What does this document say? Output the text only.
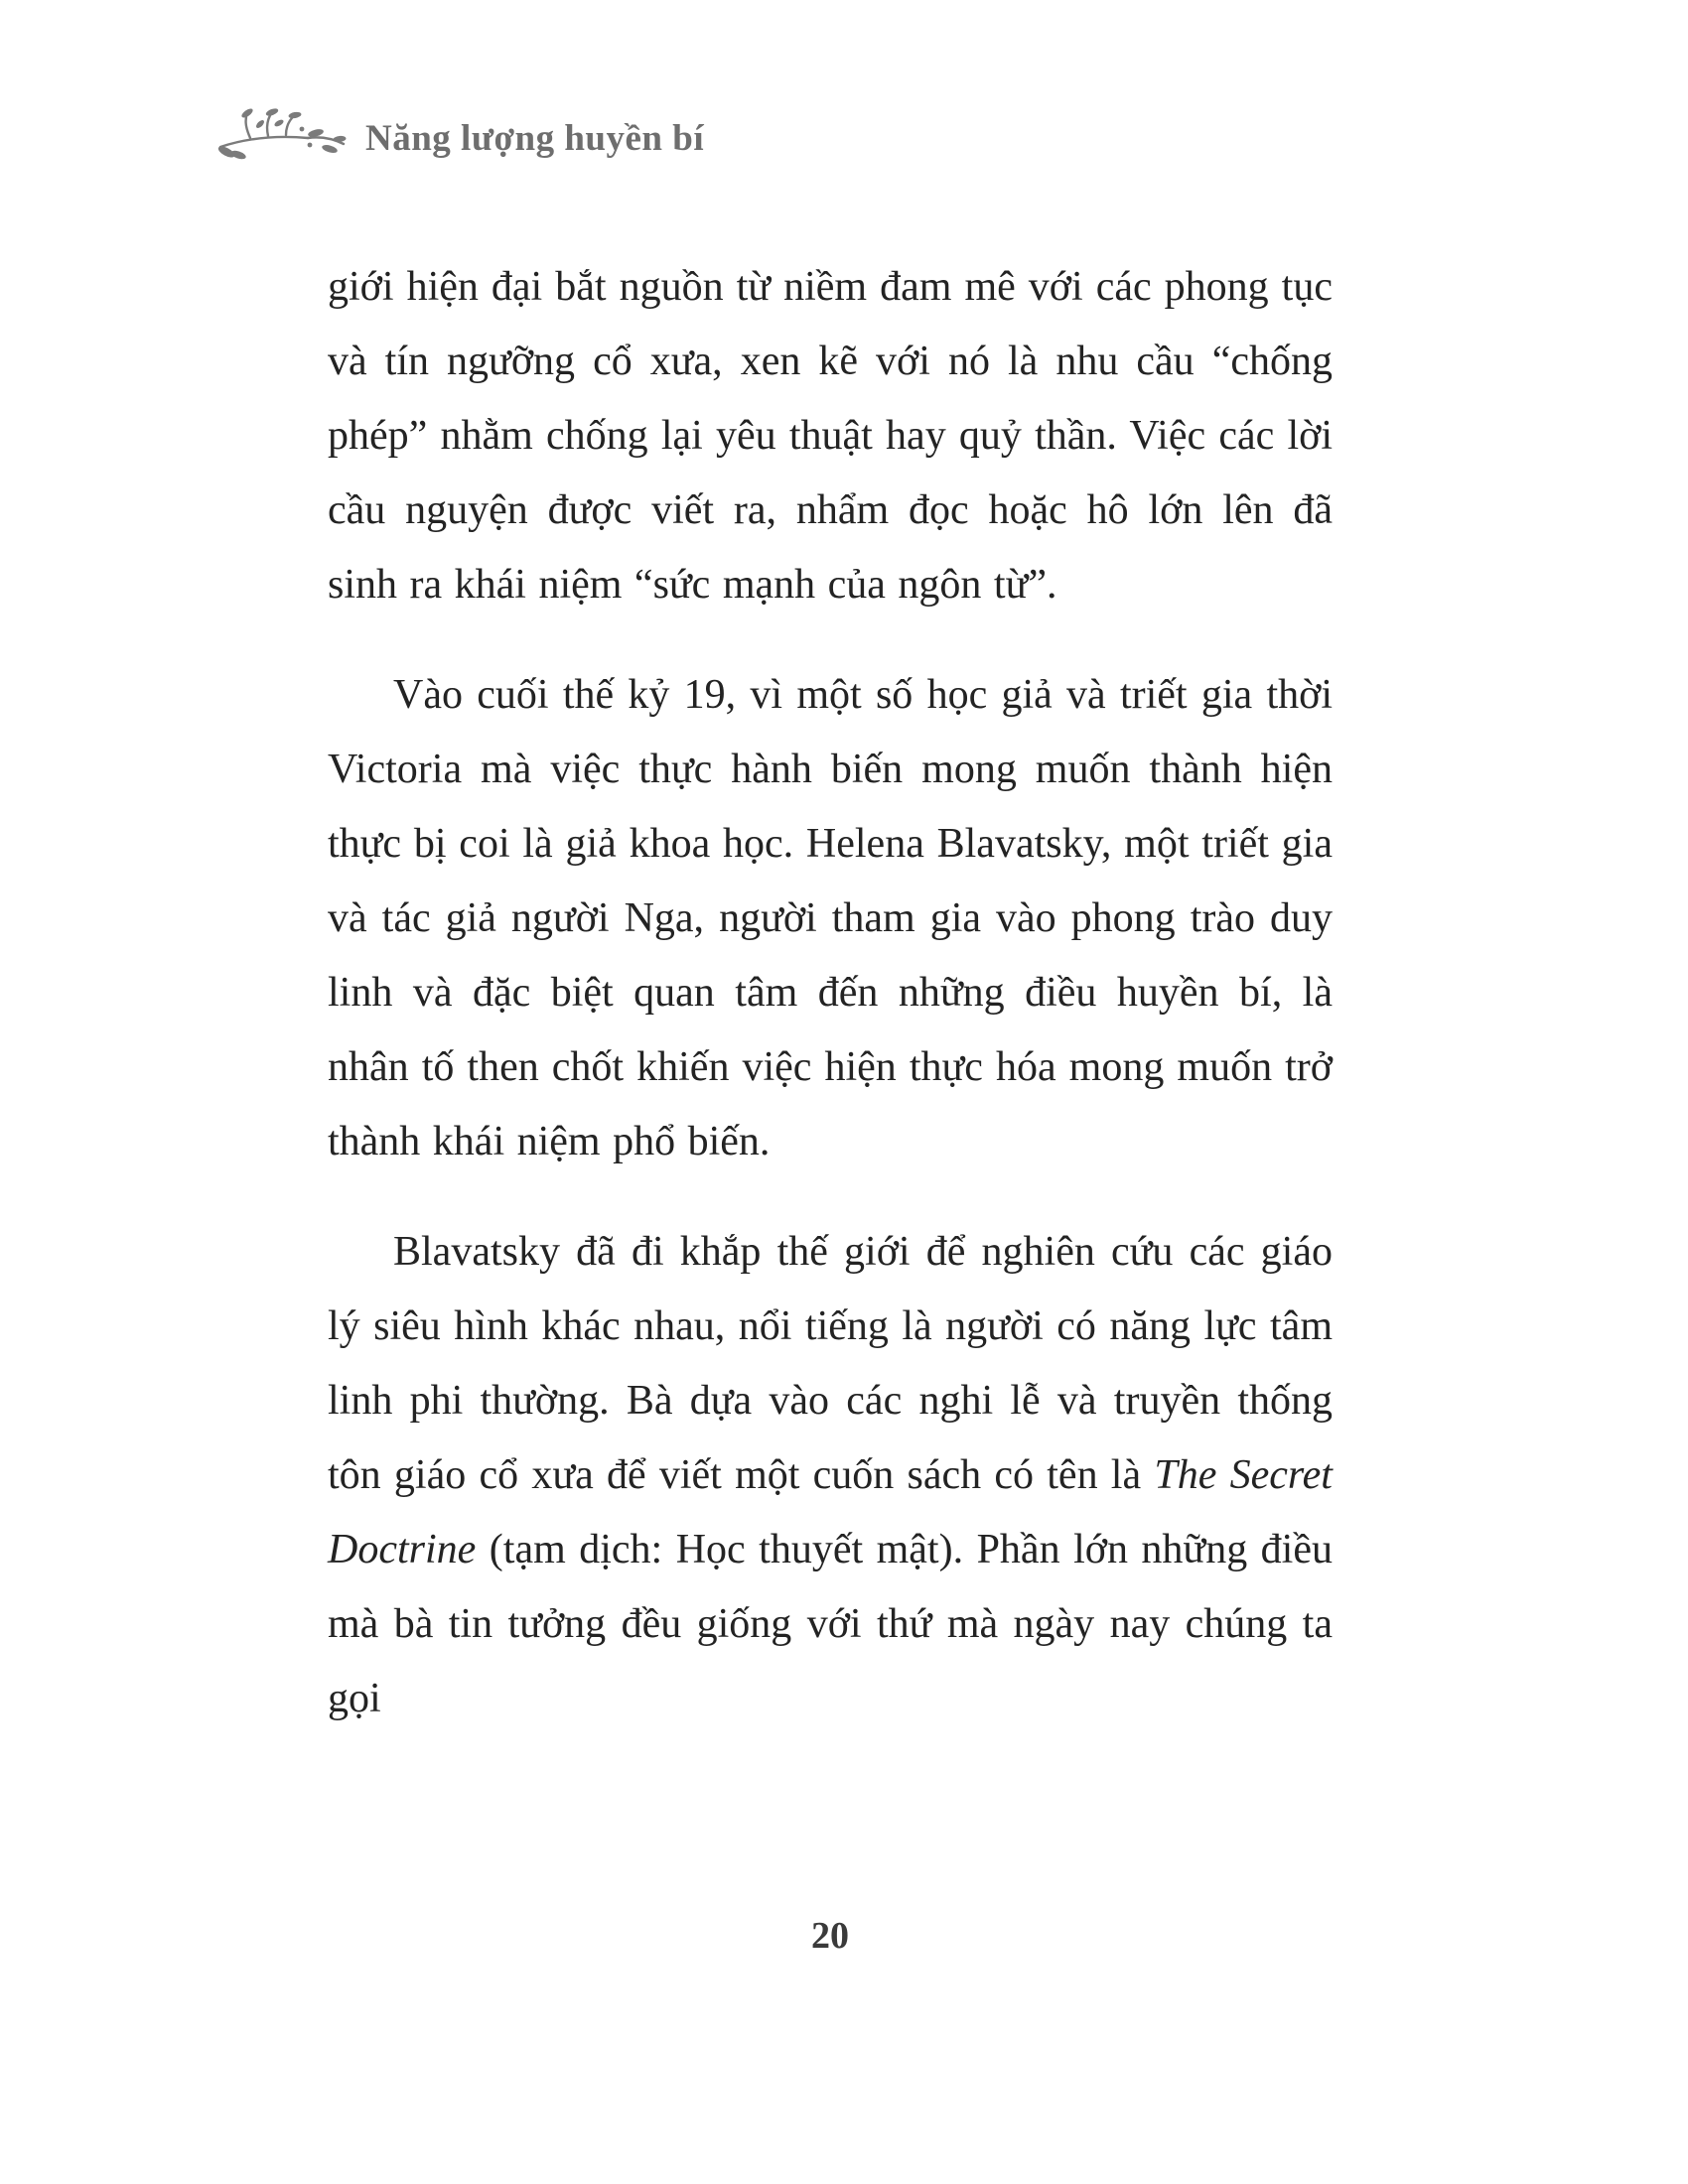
Năng lượng huyền bí

giới hiện đại bắt nguồn từ niềm đam mê với các phong tục và tín ngưỡng cổ xưa, xen kẽ với nó là nhu cầu “chống phép” nhằm chống lại yêu thuật hay quỷ thần. Việc các lời cầu nguyện được viết ra, nhẩm đọc hoặc hô lớn lên đã sinh ra khái niệm “sức mạnh của ngôn từ”.

Vào cuối thế kỷ 19, vì một số học giả và triết gia thời Victoria mà việc thực hành biến mong muốn thành hiện thực bị coi là giả khoa học. Helena Blavatsky, một triết gia và tác giả người Nga, người tham gia vào phong trào duy linh và đặc biệt quan tâm đến những điều huyền bí, là nhân tố then chốt khiến việc hiện thực hóa mong muốn trở thành khái niệm phổ biến.

Blavatsky đã đi khắp thế giới để nghiên cứu các giáo lý siêu hình khác nhau, nổi tiếng là người có năng lực tâm linh phi thường. Bà dựa vào các nghi lễ và truyền thống tôn giáo cổ xưa để viết một cuốn sách có tên là The Secret Doctrine (tạm dịch: Học thuyết mật). Phần lớn những điều mà bà tin tưởng đều giống với thứ mà ngày nay chúng ta gọi

20
